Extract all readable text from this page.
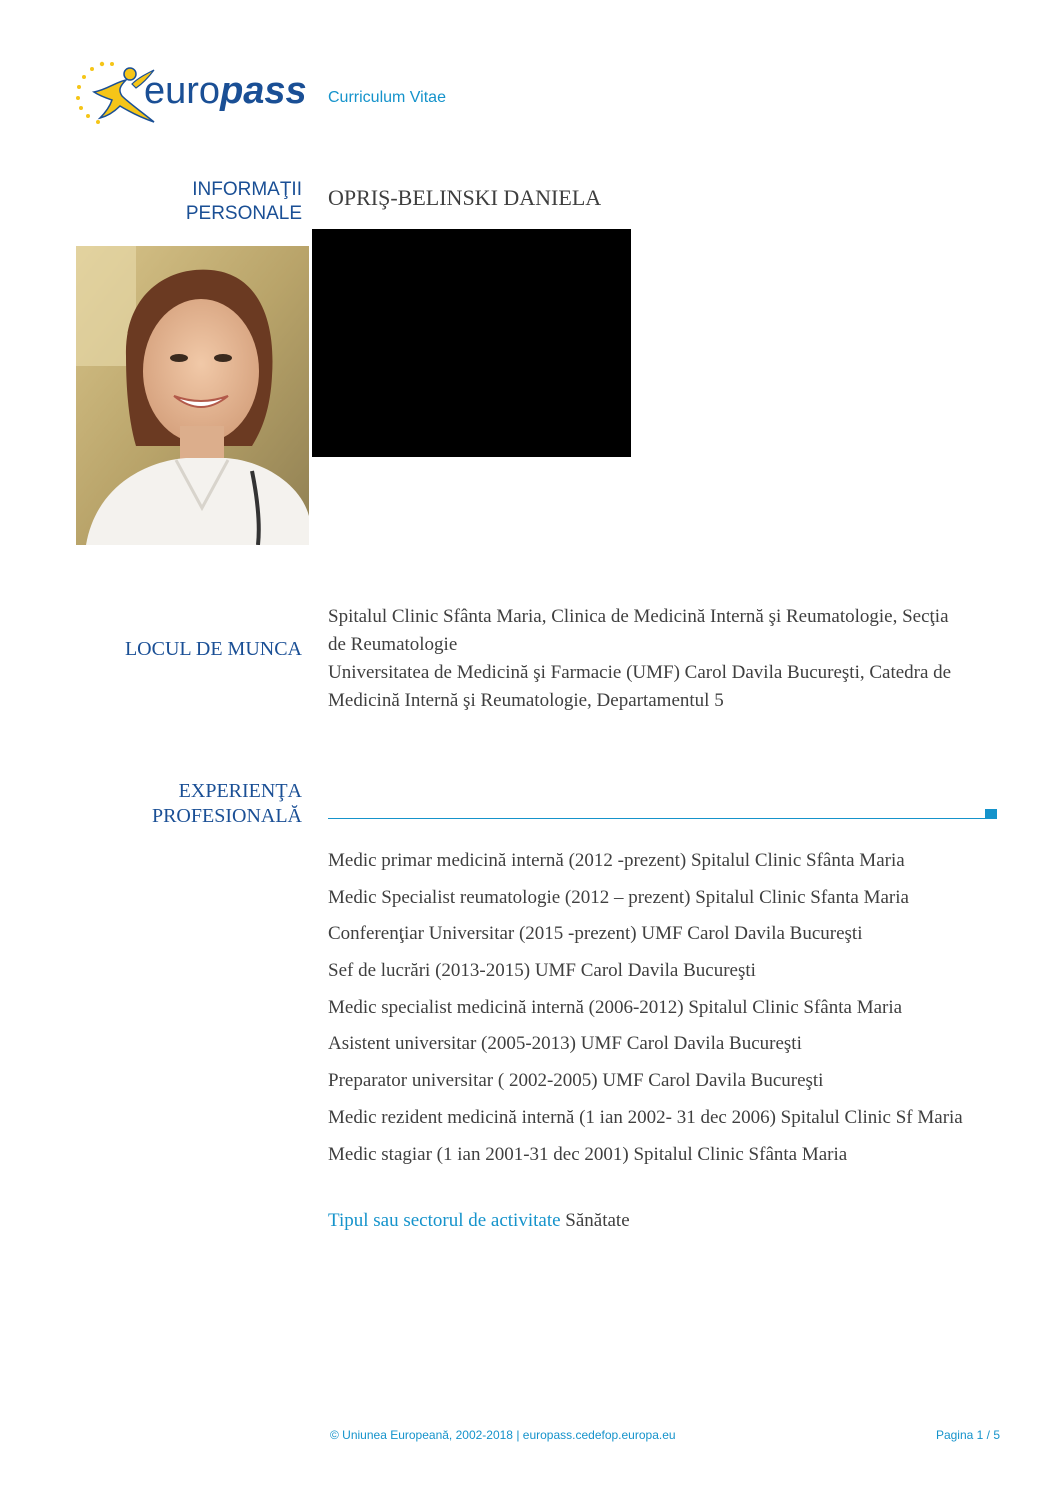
europass Curriculum Vitae
INFORMAŢII
PERSONALE
OPRIŞ-BELINSKI DANIELA
LOCUL DE MUNCA
Spitalul Clinic Sfânta Maria, Clinica de Medicină Internă şi Reumatologie, Secţia
de Reumatologie
Universitatea de Medicină şi Farmacie (UMF) Carol Davila Bucureşti, Catedra de
Medicină Internă şi Reumatologie, Departamentul 5
EXPERIENŢA
PROFESIONALĂ
Medic primar medicină internă (2012 -prezent) Spitalul Clinic Sfânta Maria
Medic Specialist reumatologie (2012 – prezent) Spitalul Clinic Sfanta Maria
Conferenţiar Universitar (2015 -prezent) UMF Carol Davila Bucureşti
Sef de lucrări (2013-2015) UMF Carol Davila Bucureşti
Medic specialist medicină internă (2006-2012) Spitalul Clinic Sfânta Maria
Asistent universitar (2005-2013) UMF Carol Davila Bucureşti
Preparator universitar ( 2002-2005) UMF Carol Davila Bucureşti
Medic rezident medicină internă (1 ian 2002- 31 dec 2006) Spitalul Clinic Sf Maria
Medic stagiar (1 ian 2001-31 dec 2001) Spitalul Clinic Sfânta Maria
Tipul sau sectorul de activitate Sănătate
© Uniunea Europeană, 2002-2018 | europass.cedefop.europa.eu	Pagina 1 / 5
